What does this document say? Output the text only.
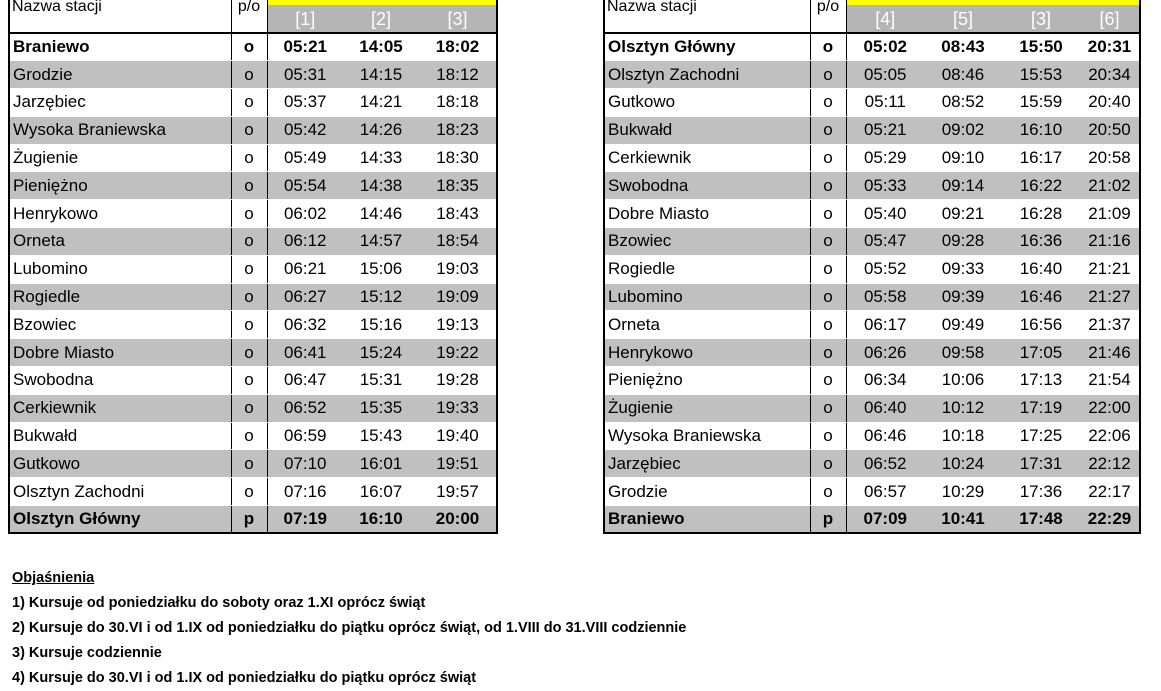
Nazwa stacji	p/o	[1]	[2]	[3]
Braniewo	o	05:21	14:05	18:02
Grodzie	o	05:31	14:15	18:12
Jarzębiec	o	05:37	14:21	18:18
Wysoka Braniewska	o	05:42	14:26	18:23
Żugienie	o	05:49	14:33	18:30
Pieniężno	o	05:54	14:38	18:35
Henrykowo	o	06:02	14:46	18:43
Orneta	o	06:12	14:57	18:54
Lubomino	o	06:21	15:06	19:03
Rogiedle	o	06:27	15:12	19:09
Bzowiec	o	06:32	15:16	19:13
Dobre Miasto	o	06:41	15:24	19:22
Swobodna	o	06:47	15:31	19:28
Cerkiewnik	o	06:52	15:35	19:33
Bukwałd	o	06:59	15:43	19:40
Gutkowo	o	07:10	16:01	19:51
Olsztyn Zachodni	o	07:16	16:07	19:57
Olsztyn Główny	p	07:19	16:10	20:00
Nazwa stacji	p/o	[4]	[5]	[3]	[6]
Olsztyn Główny	o	05:02	08:43	15:50	20:31
Olsztyn Zachodni	o	05:05	08:46	15:53	20:34
Gutkowo	o	05:11	08:52	15:59	20:40
Bukwałd	o	05:21	09:02	16:10	20:50
Cerkiewnik	o	05:29	09:10	16:17	20:58
Swobodna	o	05:33	09:14	16:22	21:02
Dobre Miasto	o	05:40	09:21	16:28	21:09
Bzowiec	o	05:47	09:28	16:36	21:16
Rogiedle	o	05:52	09:33	16:40	21:21
Lubomino	o	05:58	09:39	16:46	21:27
Orneta	o	06:17	09:49	16:56	21:37
Henrykowo	o	06:26	09:58	17:05	21:46
Pieniężno	o	06:34	10:06	17:13	21:54
Żugienie	o	06:40	10:12	17:19	22:00
Wysoka Braniewska	o	06:46	10:18	17:25	22:06
Jarzębiec	o	06:52	10:24	17:31	22:12
Grodzie	o	06:57	10:29	17:36	22:17
Braniewo	p	07:09	10:41	17:48	22:29
Objaśnienia
1) Kursuje od poniedziałku do soboty oraz 1.XI oprócz świąt
2) Kursuje do 30.VI i od 1.IX od poniedziałku do piątku oprócz świąt, od 1.VIII do 31.VIII codziennie
3) Kursuje codziennie
4) Kursuje do 30.VI i od 1.IX od poniedziałku do piątku oprócz świąt
